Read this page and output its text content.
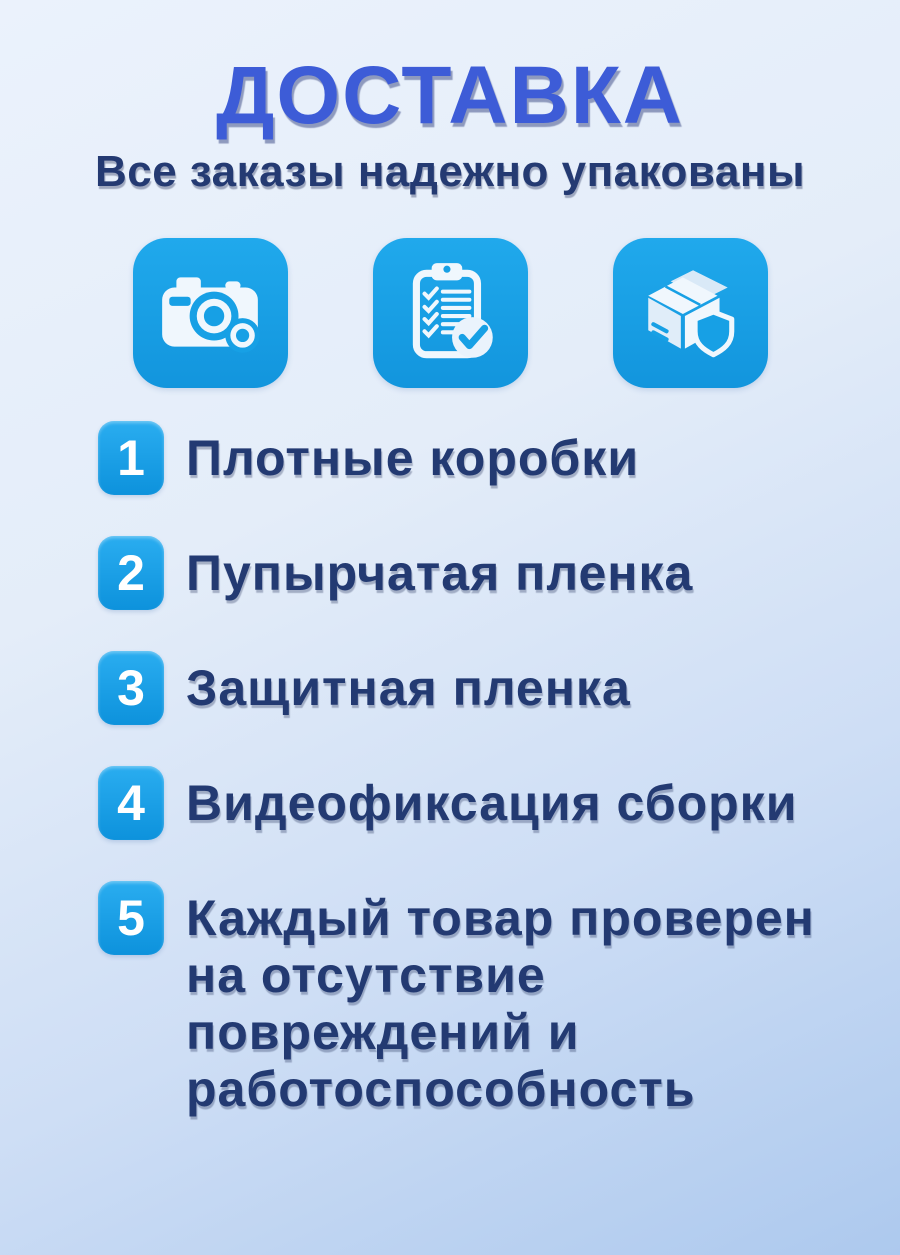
ДОСТАВКА
Все заказы надежно упакованы
1 Плотные коробки
2 Пупырчатая пленка
3 Защитная пленка
4 Видеофиксация сборки
5 Каждый товар проверен
на отсутствие
повреждений и
работоспособность
